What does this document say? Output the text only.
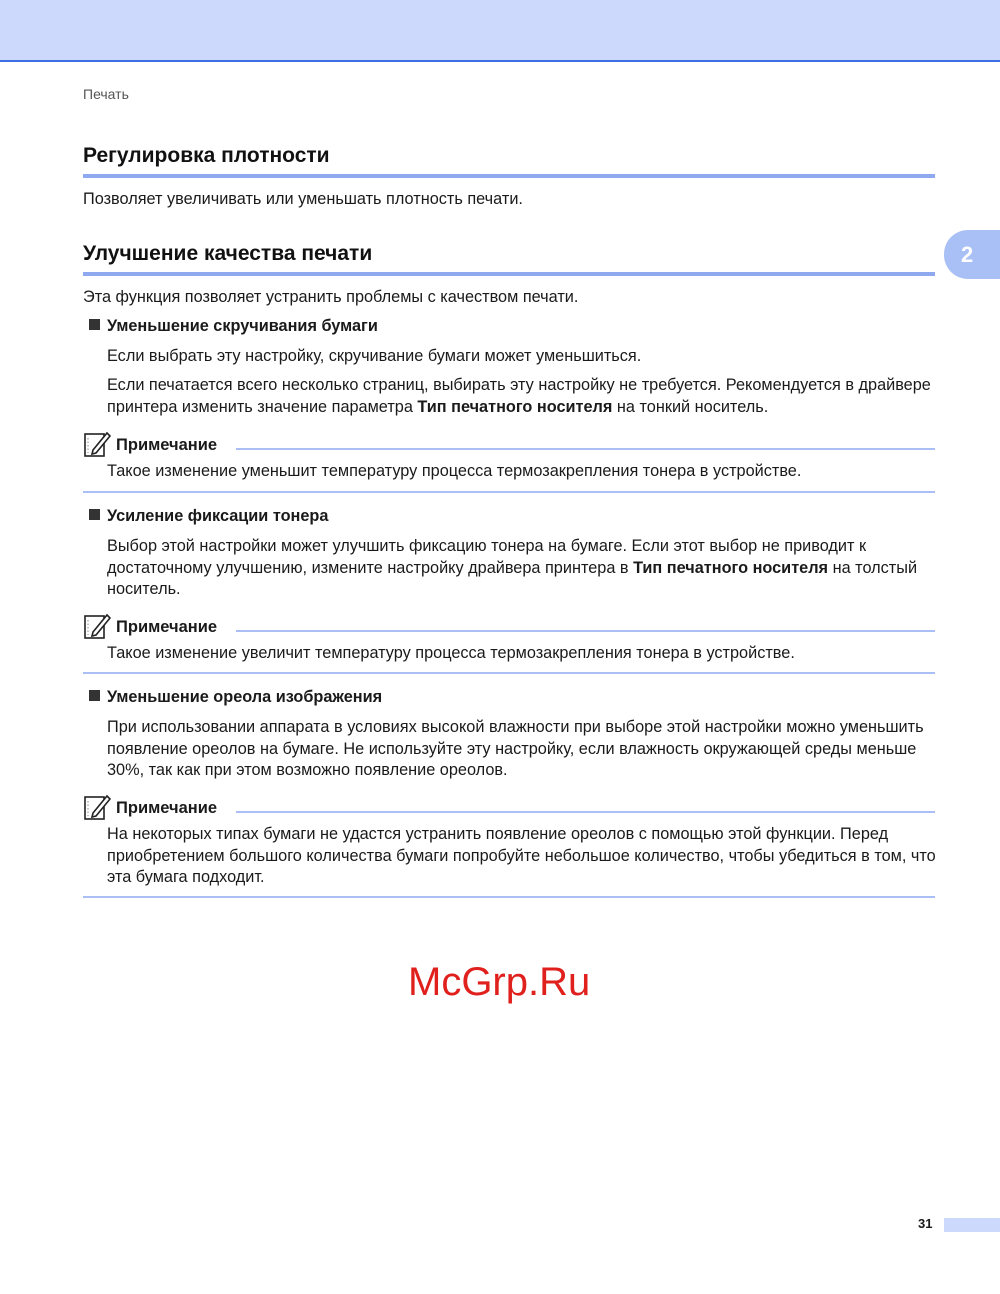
Печать
2
Регулировка плотности
Позволяет увеличивать или уменьшать плотность печати.
Улучшение качества печати
Эта функция позволяет устранить проблемы с качеством печати.
Уменьшение скручивания бумаги
Если выбрать эту настройку, скручивание бумаги может уменьшиться.
Если печатается всего несколько страниц, выбирать эту настройку не требуется. Рекомендуется в драйвере принтера изменить значение параметра Тип печатного носителя на тонкий носитель.
Примечание
Такое изменение уменьшит температуру процесса термозакрепления тонера в устройстве.
Усиление фиксации тонера
Выбор этой настройки может улучшить фиксацию тонера на бумаге. Если этот выбор не приводит к достаточному улучшению, измените настройку драйвера принтера в Тип печатного носителя на толстый носитель.
Примечание
Такое изменение увеличит температуру процесса термозакрепления тонера в устройстве.
Уменьшение ореола изображения
При использовании аппарата в условиях высокой влажности при выборе этой настройки можно уменьшить появление ореолов на бумаге. Не используйте эту настройку, если влажность окружающей среды меньше 30%, так как при этом возможно появление ореолов.
Примечание
На некоторых типах бумаги не удастся устранить появление ореолов с помощью этой функции. Перед приобретением большого количества бумаги попробуйте небольшое количество, чтобы убедиться в том, что эта бумага подходит.
McGrp.Ru
31
